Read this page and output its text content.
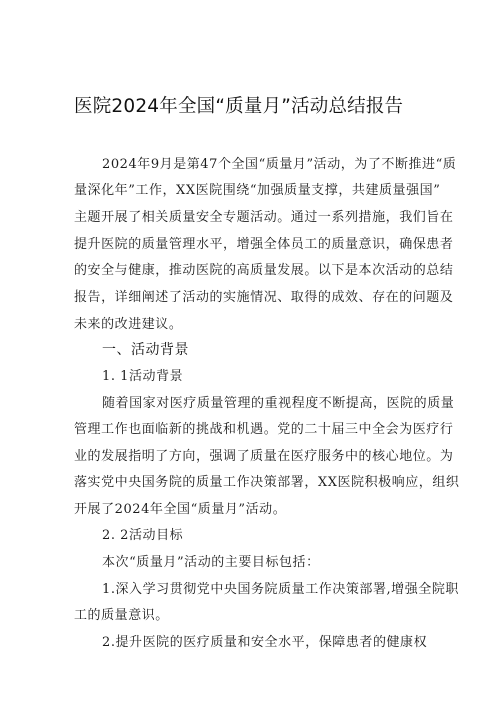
医院2024年全国“质量月”活动总结报告
2024年9月是第47个全国“质量月”活动，为了不断推进“质
量深化年”工作，XX医院围绕“加强质量支撑，共建质量强国”
主题开展了相关质量安全专题活动。通过一系列措施，我们旨在
提升医院的质量管理水平，增强全体员工的质量意识，确保患者
的安全与健康，推动医院的高质量发展。以下是本次活动的总结
报告，详细阐述了活动的实施情况、取得的成效、存在的问题及
未来的改进建议。
一、活动背景
1. 1活动背景
随着国家对医疗质量管理的重视程度不断提高，医院的质量
管理工作也面临新的挑战和机遇。党的二十届三中全会为医疗行
业的发展指明了方向，强调了质量在医疗服务中的核心地位。为
落实党中央国务院的质量工作决策部署，XX医院积极响应，组织
开展了2024年全国“质量月”活动。
2. 2活动目标
本次“质量月”活动的主要目标包括：
1.深入学习贯彻党中央国务院质量工作决策部署,增强全院职
工的质量意识。
2.提升医院的医疗质量和安全水平，保障患者的健康权
